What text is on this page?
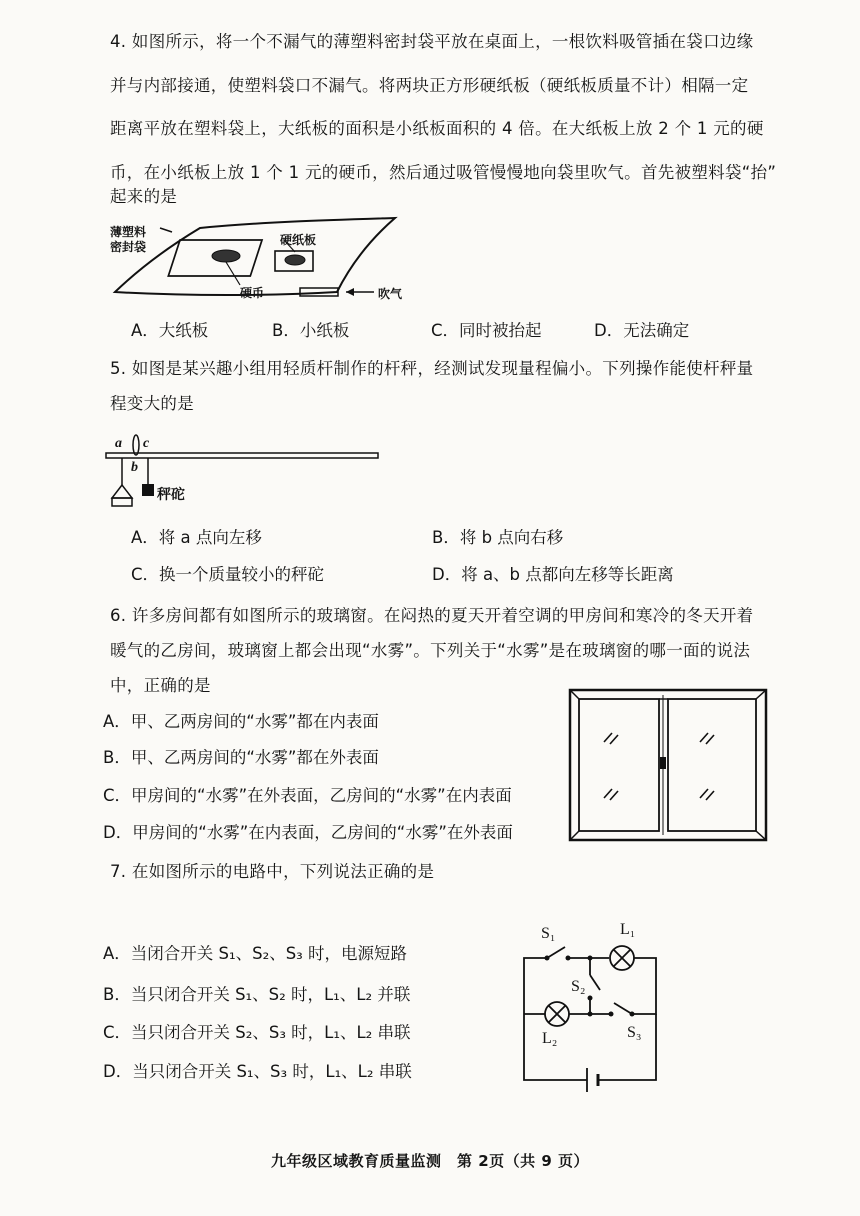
4. 如图所示，将一个不漏气的薄塑料密封袋平放在桌面上，一根饮料吸管插在袋口边缘
并与内部接通，使塑料袋口不漏气。将两块正方形硬纸板（硬纸板质量不计）相隔一定
距离平放在塑料袋上，大纸板的面积是小纸板面积的 4 倍。在大纸板上放 2 个 1 元的硬
币，在小纸板上放 1 个 1 元的硬币，然后通过吸管慢慢地向袋里吹气。首先被塑料袋“抬”
起来的是
薄塑料
密封袋	硬纸板
硬币	吹气
A．大纸板	B．小纸板	C．同时被抬起	D．无法确定
5. 如图是某兴趣小组用轻质杆制作的杆秤，经测试发现量程偏小。下列操作能使杆秤量
程变大的是
a c
b
秤砣
A．将 a 点向左移	B．将 b 点向右移
C．换一个质量较小的秤砣	D．将 a、b 点都向左移等长距离
6. 许多房间都有如图所示的玻璃窗。在闷热的夏天开着空调的甲房间和寒冷的冬天开着
暖气的乙房间，玻璃窗上都会出现“水雾”。下列关于“水雾”是在玻璃窗的哪一面的说法
中，正确的是
A．甲、乙两房间的“水雾”都在内表面
B．甲、乙两房间的“水雾”都在外表面
C．甲房间的“水雾”在外表面，乙房间的“水雾”在内表面
D．甲房间的“水雾”在内表面，乙房间的“水雾”在外表面
7. 在如图所示的电路中，下列说法正确的是
A．当闭合开关 S₁、S₂、S₃ 时，电源短路
B．当只闭合开关 S₁、S₂ 时，L₁、L₂ 并联
C．当只闭合开关 S₂、S₃ 时，L₁、L₂ 串联
D．当只闭合开关 S₁、S₃ 时，L₁、L₂ 串联
S₁	L₁
S₂
L₂	S₃
九年级区域教育质量监测　第 2页（共 9 页）
